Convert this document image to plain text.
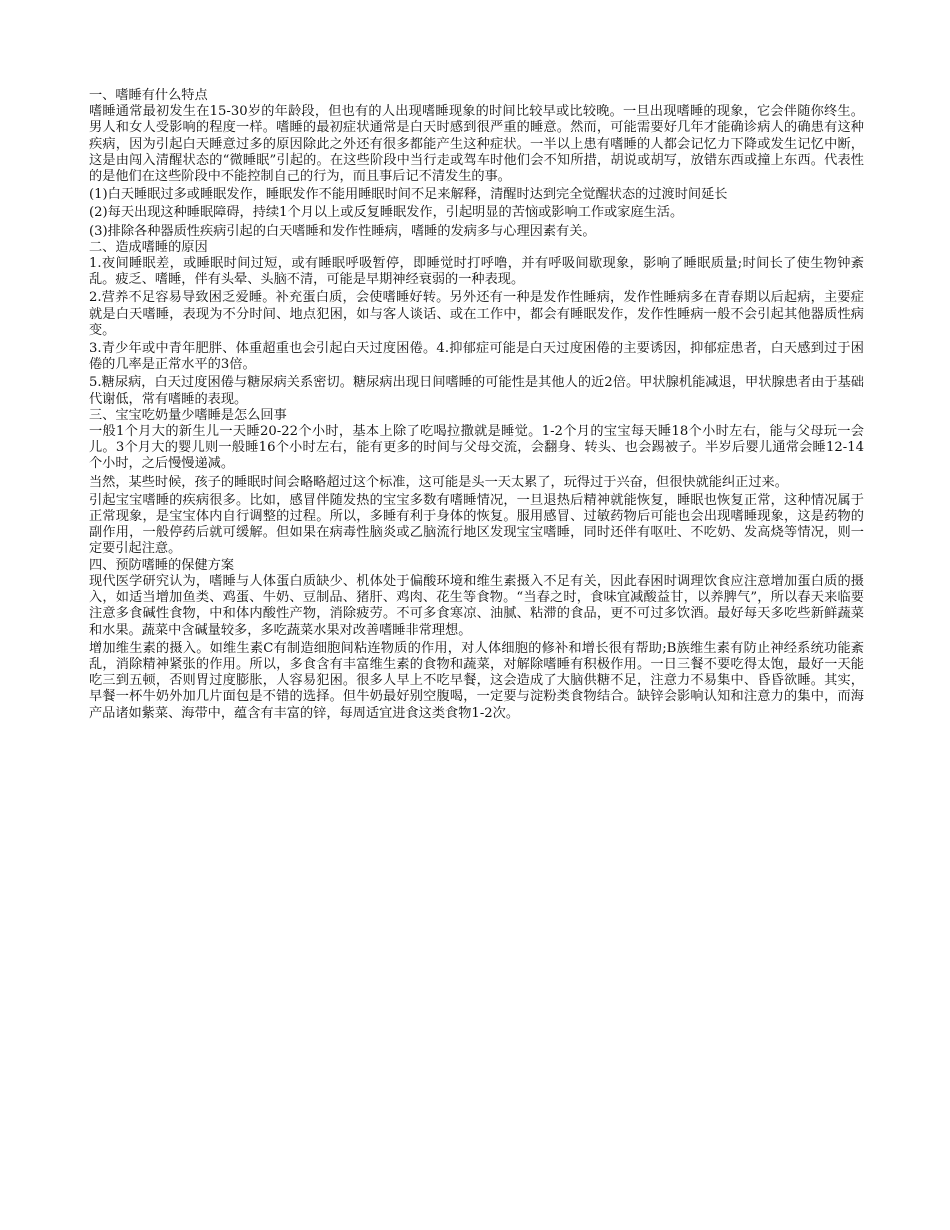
一、嗜睡有什么特点

嗜睡通常最初发生在15-30岁的年龄段，但也有的人出现嗜睡现象的时间比较早或比较晚。一旦出现嗜睡的现象，它会伴随你终生。男人和女人受影响的程度一样。嗜睡的最初症状通常是白天时感到很严重的睡意。然而，可能需要好几年才能确诊病人的确患有这种疾病，因为引起白天睡意过多的原因除此之外还有很多都能产生这种症状。一半以上患有嗜睡的人都会记忆力下降或发生记忆中断，这是由闯入清醒状态的“微睡眠”引起的。在这些阶段中当行走或驾车时他们会不知所措，胡说或胡写，放错东西或撞上东西。代表性的是他们在这些阶段中不能控制自己的行为，而且事后记不清发生的事。

(1)白天睡眠过多或睡眠发作，睡眠发作不能用睡眠时间不足来解释，清醒时达到完全觉醒状态的过渡时间延长

(2)每天出现这种睡眠障碍，持续1个月以上或反复睡眠发作，引起明显的苦恼或影响工作或家庭生活。

(3)排除各种器质性疾病引起的白天嗜睡和发作性睡病，嗜睡的发病多与心理因素有关。

二、造成嗜睡的原因

1.夜间睡眠差，或睡眠时间过短，或有睡眠呼吸暂停，即睡觉时打呼噜，并有呼吸间歇现象，影响了睡眠质量;时间长了使生物钟紊乱。疲乏、嗜睡，伴有头晕、头脑不清，可能是早期神经衰弱的一种表现。

2.营养不足容易导致困乏爱睡。补充蛋白质，会使嗜睡好转。另外还有一种是发作性睡病，发作性睡病多在青春期以后起病，主要症就是白天嗜睡，表现为不分时间、地点犯困，如与客人谈话、或在工作中，都会有睡眠发作，发作性睡病一般不会引起其他器质性病变。

3.青少年或中青年肥胖、体重超重也会引起白天过度困倦。4.抑郁症可能是白天过度困倦的主要诱因，抑郁症患者，白天感到过于困倦的几率是正常水平的3倍。

5.糖尿病，白天过度困倦与糖尿病关系密切。糖尿病出现日间嗜睡的可能性是其他人的近2倍。甲状腺机能减退，甲状腺患者由于基础代谢低，常有嗜睡的表现。

三、宝宝吃奶量少嗜睡是怎么回事

一般1个月大的新生儿一天睡20-22个小时，基本上除了吃喝拉撒就是睡觉。1-2个月的宝宝每天睡18个小时左右，能与父母玩一会儿。3个月大的婴儿则一般睡16个小时左右，能有更多的时间与父母交流，会翻身、转头、也会踢被子。半岁后婴儿通常会睡12-14个小时，之后慢慢递减。

当然，某些时候，孩子的睡眠时间会略略超过这个标准，这可能是头一天太累了，玩得过于兴奋，但很快就能纠正过来。

引起宝宝嗜睡的疾病很多。比如，感冒伴随发热的宝宝多数有嗜睡情况，一旦退热后精神就能恢复，睡眠也恢复正常，这种情况属于正常现象，是宝宝体内自行调整的过程。所以，多睡有利于身体的恢复。服用感冒、过敏药物后可能也会出现嗜睡现象，这是药物的副作用，一般停药后就可缓解。但如果在病毒性脑炎或乙脑流行地区发现宝宝嗜睡，同时还伴有呕吐、不吃奶、发高烧等情况，则一定要引起注意。

四、预防嗜睡的保健方案

现代医学研究认为，嗜睡与人体蛋白质缺少、机体处于偏酸环境和维生素摄入不足有关，因此春困时调理饮食应注意增加蛋白质的摄入，如适当增加鱼类、鸡蛋、牛奶、豆制品、猪肝、鸡肉、花生等食物。“当春之时，食味宜减酸益甘，以养脾气”，所以春天来临要注意多食碱性食物，中和体内酸性产物，消除疲劳。不可多食寒凉、油腻、粘滞的食品，更不可过多饮酒。最好每天多吃些新鲜蔬菜和水果。蔬菜中含碱量较多，多吃蔬菜水果对改善嗜睡非常理想。

增加维生素的摄入。如维生素C有制造细胞间粘连物质的作用，对人体细胞的修补和增长很有帮助;B族维生素有防止神经系统功能紊乱，消除精神紧张的作用。所以，多食含有丰富维生素的食物和蔬菜，对解除嗜睡有积极作用。一日三餐不要吃得太饱，最好一天能吃三到五顿，否则胃过度膨胀，人容易犯困。很多人早上不吃早餐，这会造成了大脑供糖不足，注意力不易集中、昏昏欲睡。其实，早餐一杯牛奶外加几片面包是不错的选择。但牛奶最好别空腹喝，一定要与淀粉类食物结合。缺锌会影响认知和注意力的集中，而海产品诸如紫菜、海带中，蕴含有丰富的锌，每周适宜进食这类食物1-2次。
